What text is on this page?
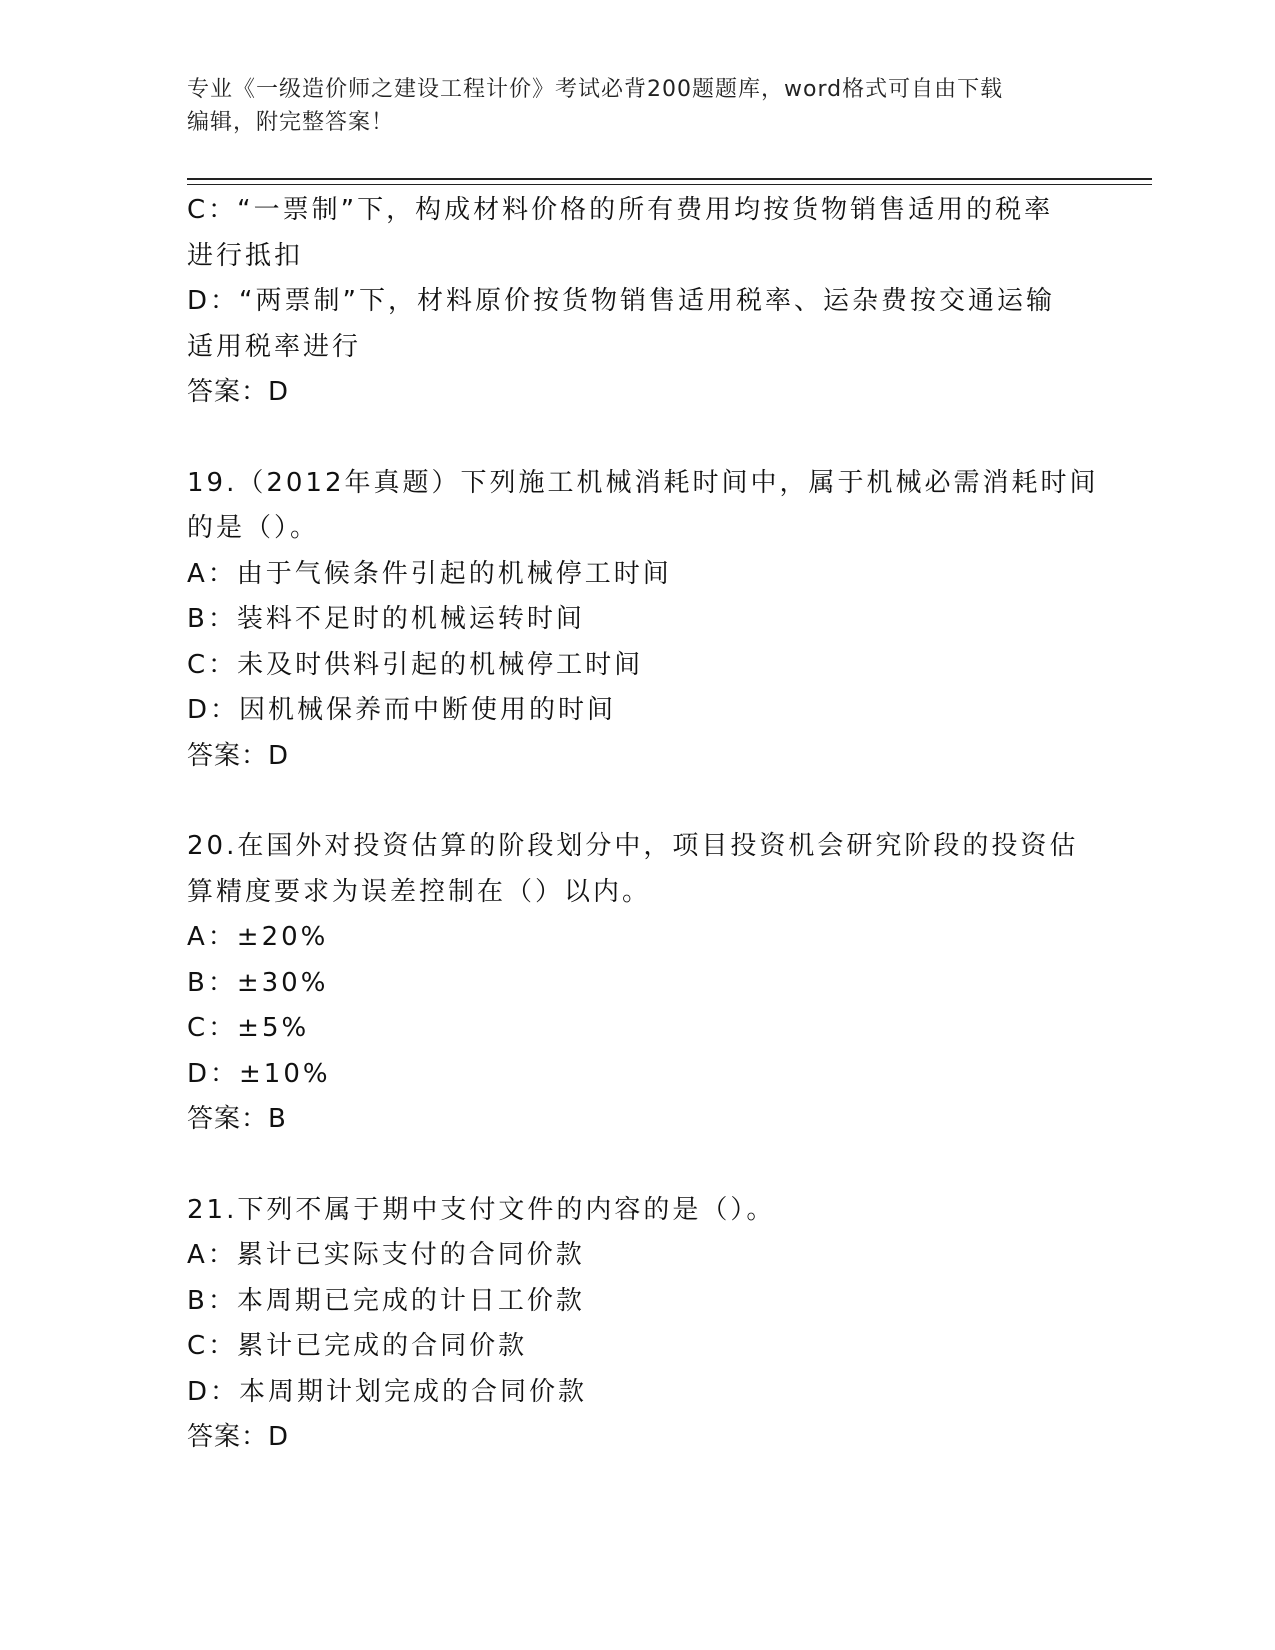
专业《一级造价师之建设工程计价》考试必背200题题库，word格式可自由下载
编辑，附完整答案！
C：“一票制”下，构成材料价格的所有费用均按货物销售适用的税率
进行抵扣
D：“两票制”下，材料原价按货物销售适用税率、运杂费按交通运输
适用税率进行
答案：D
19.（2012年真题）下列施工机械消耗时间中，属于机械必需消耗时间
的是（）。
A：由于气候条件引起的机械停工时间
B：装料不足时的机械运转时间
C：未及时供料引起的机械停工时间
D：因机械保养而中断使用的时间
答案：D
20.在国外对投资估算的阶段划分中，项目投资机会研究阶段的投资估
算精度要求为误差控制在（）以内。
A：±20%
B：±30%
C：±5%
D：±10%
答案：B
21.下列不属于期中支付文件的内容的是（）。
A：累计已实际支付的合同价款
B：本周期已完成的计日工价款
C：累计已完成的合同价款
D：本周期计划完成的合同价款
答案：D
